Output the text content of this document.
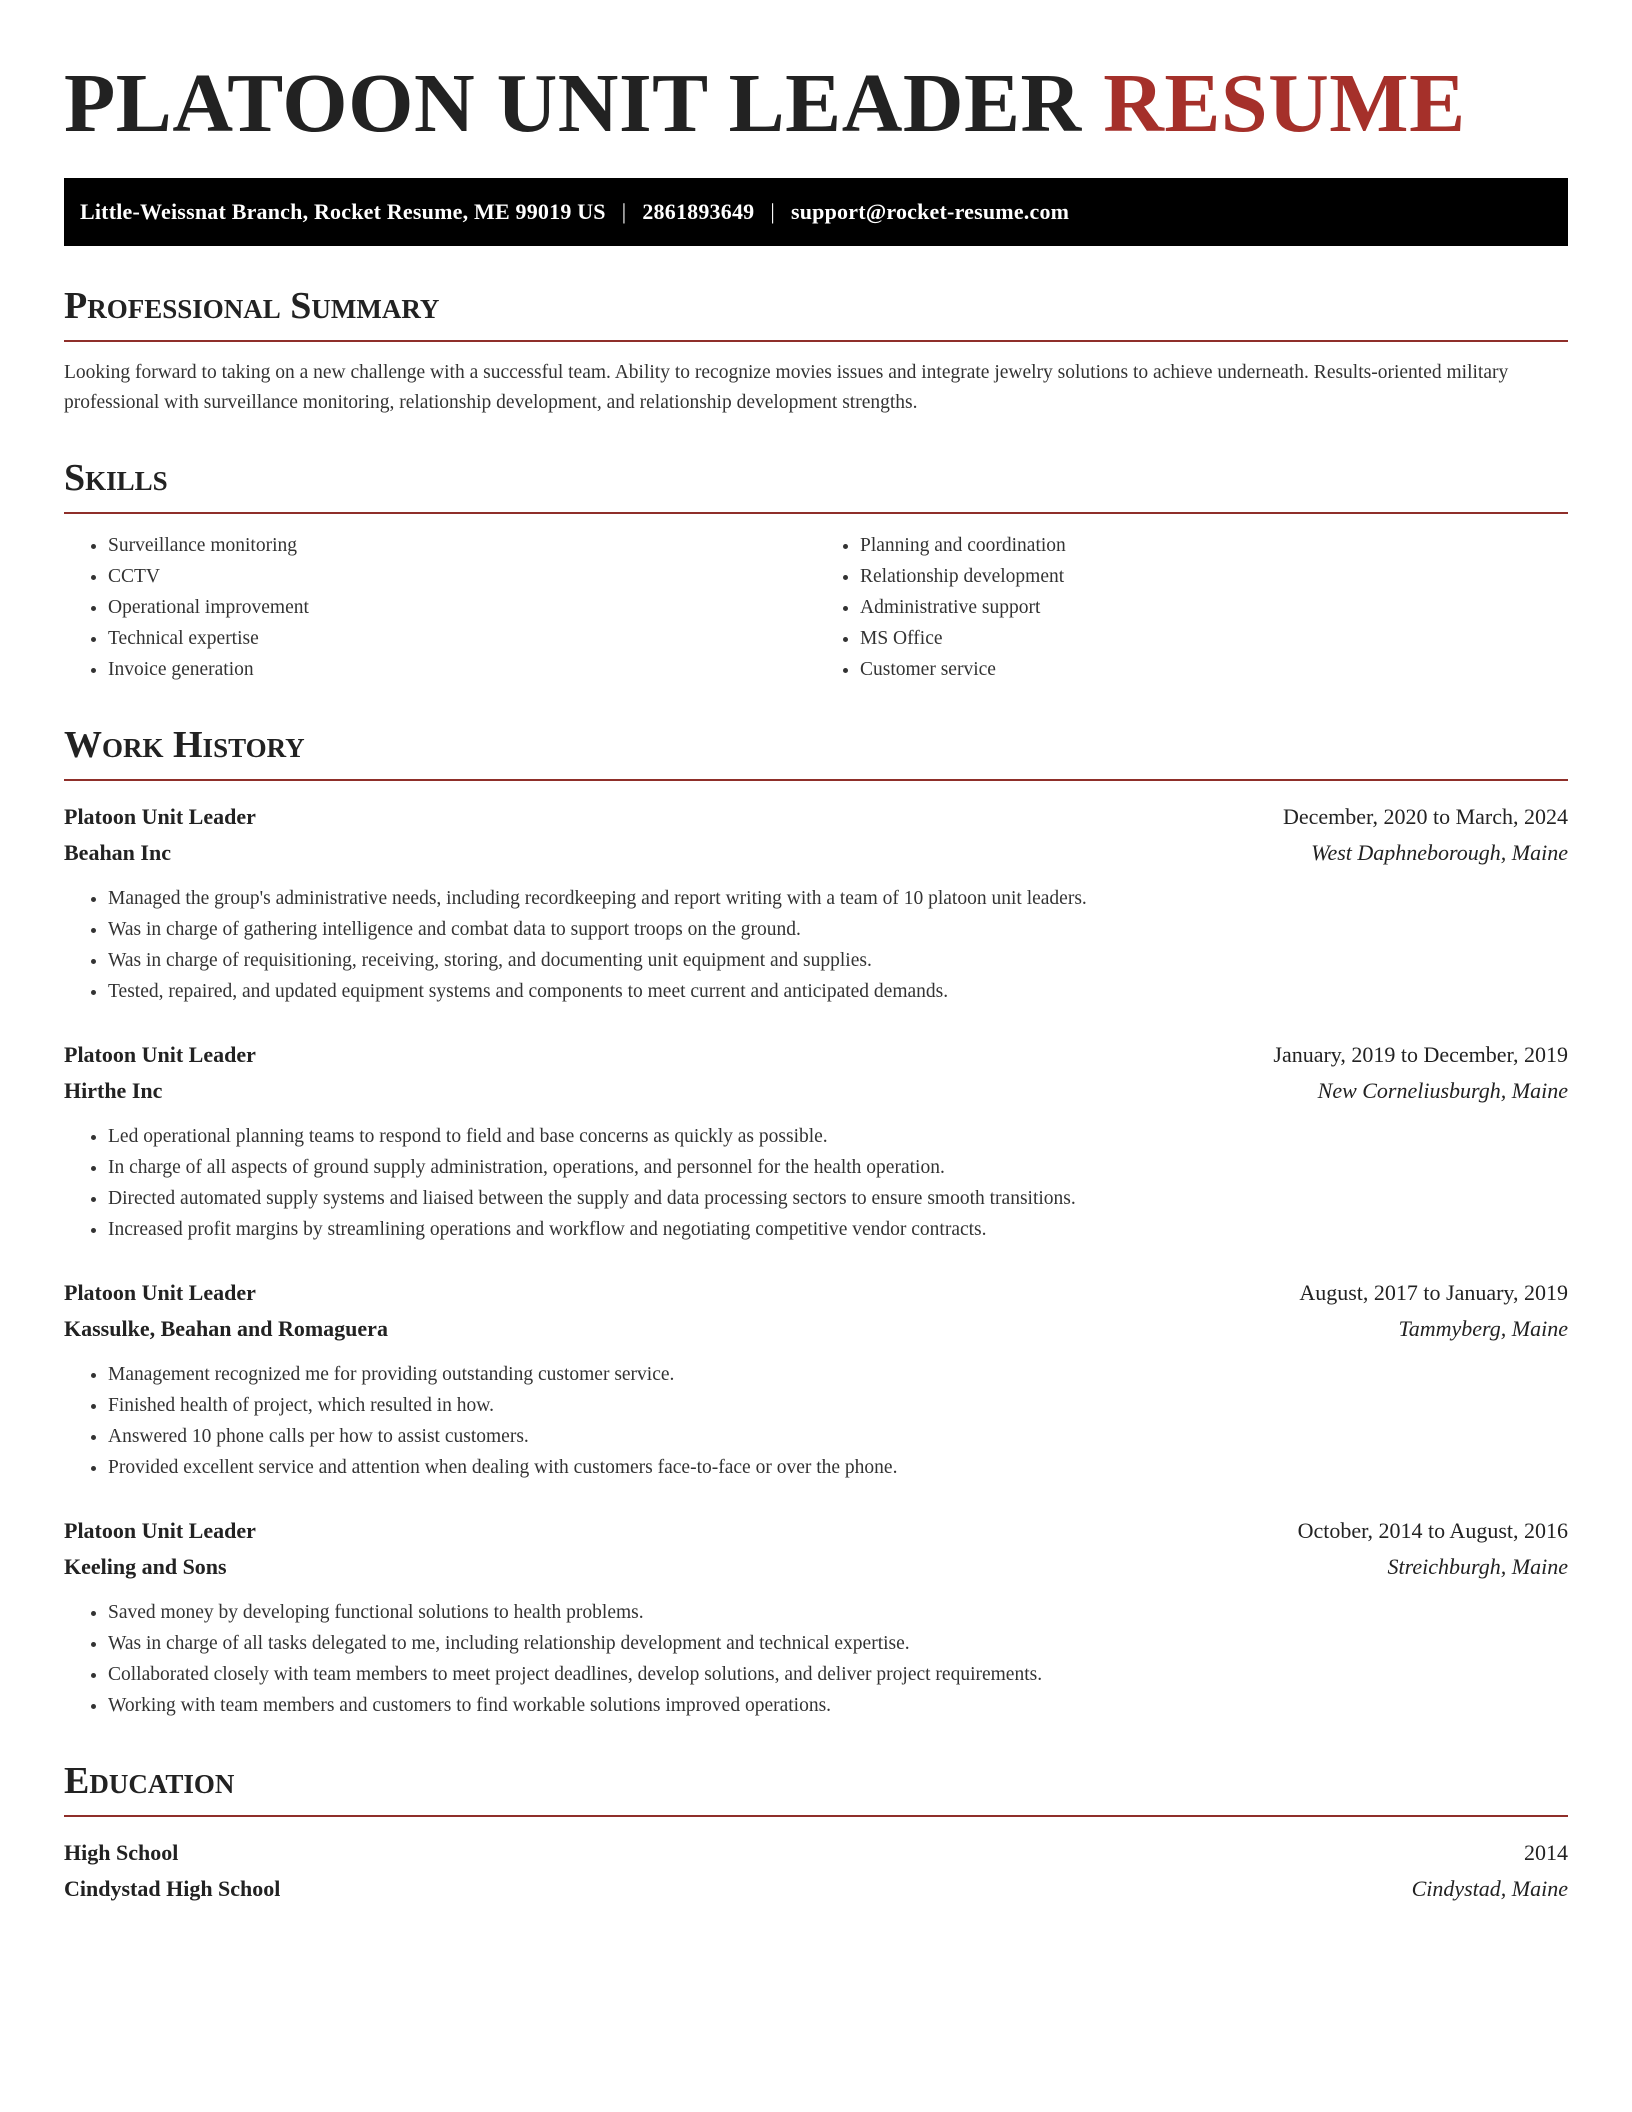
PLATOON UNIT LEADER RESUME
Little-Weissnat Branch, Rocket Resume, ME 99019 US | 2861893649 | support@rocket-resume.com
Professional Summary

Looking forward to taking on a new challenge with a successful team. Ability to recognize movies issues and integrate jewelry solutions to achieve underneath. Results-oriented military professional with surveillance monitoring, relationship development, and relationship development strengths.

Skills
• Surveillance monitoring
• CCTV
• Operational improvement
• Technical expertise
• Invoice generation
• Planning and coordination
• Relationship development
• Administrative support
• MS Office
• Customer service
Work History
Platoon Unit Leader	December, 2020 to March, 2024
Beahan Inc	West Daphneborough, Maine
• Managed the group's administrative needs, including recordkeeping and report writing with a team of 10 platoon unit leaders.
• Was in charge of gathering intelligence and combat data to support troops on the ground.
• Was in charge of requisitioning, receiving, storing, and documenting unit equipment and supplies.
• Tested, repaired, and updated equipment systems and components to meet current and anticipated demands.
Platoon Unit Leader	January, 2019 to December, 2019
Hirthe Inc	New Corneliusburgh, Maine
• Led operational planning teams to respond to field and base concerns as quickly as possible.
• In charge of all aspects of ground supply administration, operations, and personnel for the health operation.
• Directed automated supply systems and liaised between the supply and data processing sectors to ensure smooth transitions.
• Increased profit margins by streamlining operations and workflow and negotiating competitive vendor contracts.
Platoon Unit Leader	August, 2017 to January, 2019
Kassulke, Beahan and Romaguera	Tammyberg, Maine
• Management recognized me for providing outstanding customer service.
• Finished health of project, which resulted in how.
• Answered 10 phone calls per how to assist customers.
• Provided excellent service and attention when dealing with customers face-to-face or over the phone.
Platoon Unit Leader	October, 2014 to August, 2016
Keeling and Sons	Streichburgh, Maine
• Saved money by developing functional solutions to health problems.
• Was in charge of all tasks delegated to me, including relationship development and technical expertise.
• Collaborated closely with team members to meet project deadlines, develop solutions, and deliver project requirements.
• Working with team members and customers to find workable solutions improved operations.
Education
High School	2014
Cindystad High School	Cindystad, Maine
